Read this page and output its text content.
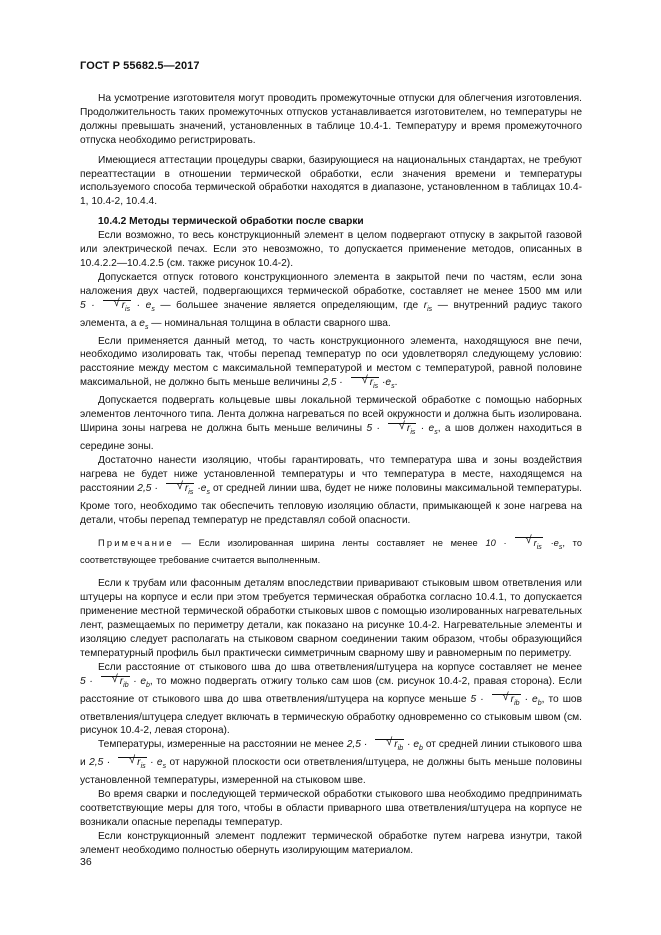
ГОСТ Р 55682.5—2017

На усмотрение изготовителя могут проводить промежуточные отпуски для облегчения изготовления. Продолжительность таких промежуточных отпусков устанавливается изготовителем, но температуры не должны превышать значений, установленных в таблице 10.4-1. Температуру и время промежуточного отпуска необходимо регистрировать.

Имеющиеся аттестации процедуры сварки, базирующиеся на национальных стандартах, не требуют переаттестации в отношении термической обработки, если значения времени и температуры используемого способа термической обработки находятся в диапазоне, установленном в таблицах 10.4-1, 10.4-2, 10.4.4.

10.4.2 Методы термической обработки после сварки

Если возможно, то весь конструкционный элемент в целом подвергают отпуску в закрытой газовой или электрической печах. Если это невозможно, то допускается применение методов, описанных в 10.4.2.2—10.4.2.5 (см. также рисунок 10.4-2).

Допускается отпуск готового конструкционного элемента в закрытой печи по частям, если зона наложения двух частей, подвергающихся термической обработке, составляет не менее 1500 мм или 5 ·	√ $r_{is} \cdot e_s$ — большее значение является определяющим, где $r_{is}$ — внутренний радиус такого элемента, а $e_s$ — номинальная толщина в области сварного шва.

Если применяется данный метод, то часть конструкционного элемента, находящуюся вне печи, необходимо изолировать так, чтобы перепад температур по оси удовлетворял следующему условию: расстояние между местом с максимальной температурой и местом с температурой, равной половине максимальной, не должно быть меньше величины 2,5 ·	√ $r_{is} \cdot e_s$.

Допускается подвергать кольцевые швы локальной термической обработке с помощью наборных элементов ленточного типа. Лента должна нагреваться по всей окружности и должна быть изолирована. Ширина зоны нагрева не должна быть меньше величины 5 ·	√ $r_{is} \cdot e_s$, а шов должен находиться в середине зоны.

Достаточно нанести изоляцию, чтобы гарантировать, что температура шва и зоны воздействия нагрева не будет ниже установленной температуры и что температура в месте, находящемся на расстоянии 2,5 ·	√ $r_{is} \cdot e_s$ от средней линии шва, будет не ниже половины максимальной температуры. Кроме того, необходимо так обеспечить тепловую изоляцию области, примыкающей к зоне нагрева на детали, чтобы перепад температур не представлял собой опасности.

Примечание — Если изолированная ширина ленты составляет не менее 10 ·	√ $r_{is} \cdot e_s$, то соответствующее требование считается выполненным.

Если к трубам или фасонным деталям впоследствии приваривают стыковым швом ответвления или штуцеры на корпусе и если при этом требуется термическая обработка согласно 10.4.1, то допускается применение местной термической обработки стыковых швов с помощью изолированных нагревательных лент, размещаемых по периметру детали, как показано на рисунке 10.4-2. Нагревательные элементы и изоляцию следует располагать на стыковом сварном соединении таким образом, чтобы образующийся температурный профиль был практически симметричным сварному шву и равномерным по периметру.

Если расстояние от стыкового шва до шва ответвления/штуцера на корпусе составляет не менее 5 ·	√ $r_{ib} \cdot e_b$, то можно подвергать отжигу только сам шов (см. рисунок 10.4-2, правая сторона). Если расстояние от стыкового шва до шва ответвления/штуцера на корпусе меньше 5 ·	√ $r_{ib} \cdot e_b$, то шов ответвления/штуцера следует включать в термическую обработку одновременно со стыковым швом (см. рисунок 10.4-2, левая сторона).

Температуры, измеренные на расстоянии не менее 2,5 ·	√ $r_{ib} \cdot e_b$ от средней линии стыкового шва и 2,5 ·	√ $r_{is} \cdot e_s$ от наружной плоскости оси ответвления/штуцера, не должны быть меньше половины установленной температуры, измеренной на стыковом шве.

Во время сварки и последующей термической обработки стыкового шва необходимо предпринимать соответствующие меры для того, чтобы в области приварного шва ответвления/штуцера на корпусе не возникали опасные перепады температур.

Если конструкционный элемент подлежит термической обработке путем нагрева изнутри, такой элемент необходимо полностью обернуть изолирующим материалом.

36
